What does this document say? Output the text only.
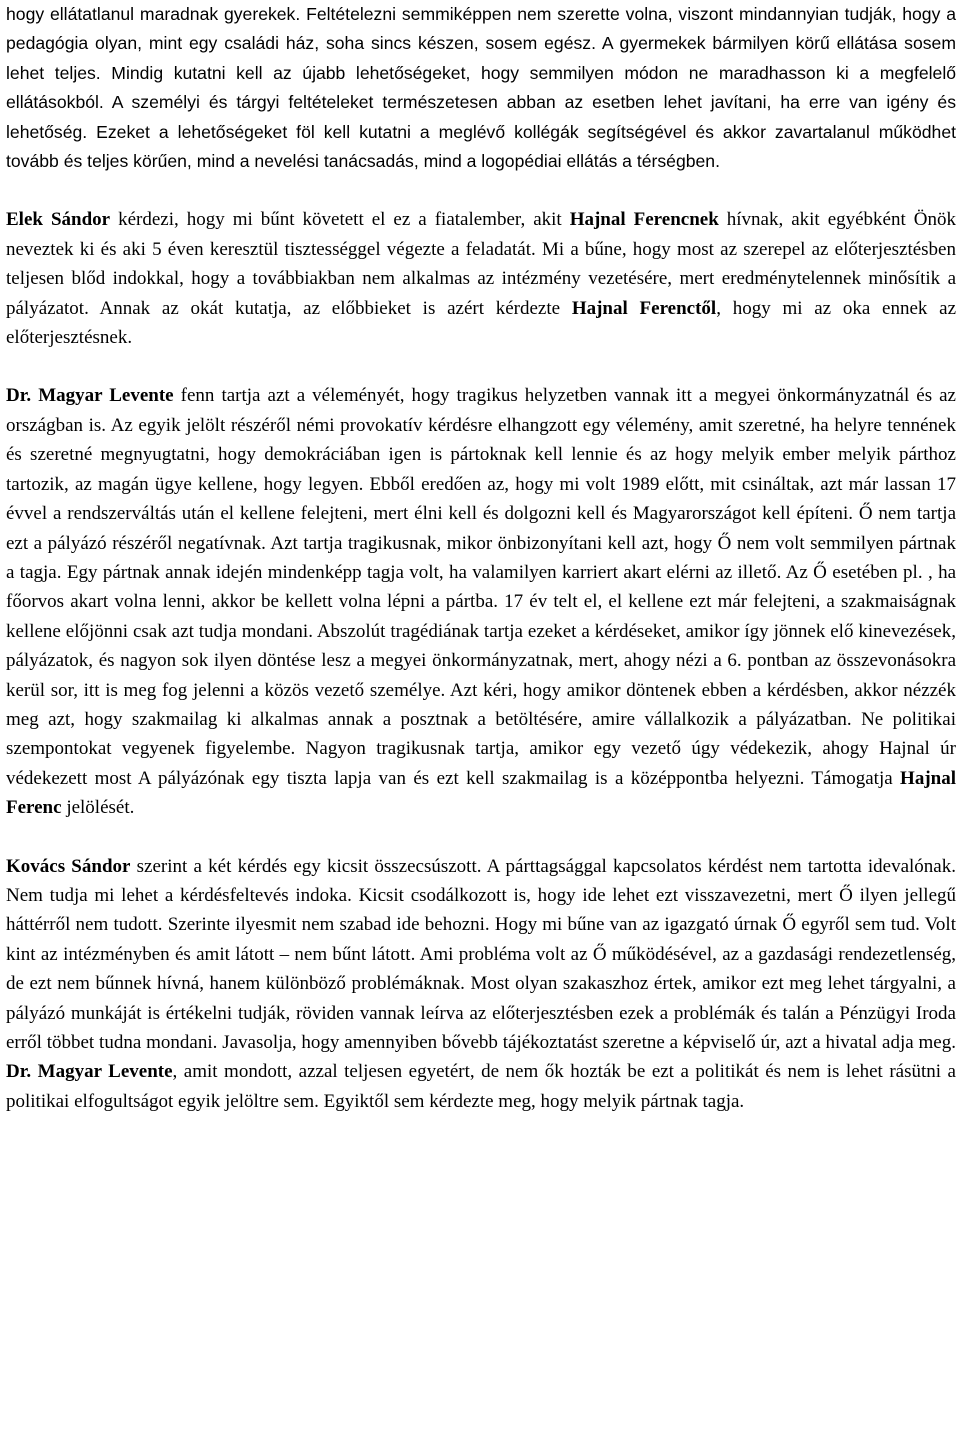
hogy ellátatlanul maradnak gyerekek. Feltételezni semmiképpen nem szerette volna, viszont mindannyian tudják, hogy a pedagógia olyan, mint egy családi ház, soha sincs készen, sosem egész. A gyermekek bármilyen körű ellátása sosem lehet teljes. Mindig kutatni kell az újabb lehetőségeket, hogy semmilyen módon ne maradhasson ki a megfelelő ellátásokból. A személyi és tárgyi feltételeket természetesen abban az esetben lehet javítani, ha erre van igény és lehetőség. Ezeket a lehetőségeket föl kell kutatni a meglévő kollégák segítségével és akkor zavartalanul működhet tovább és teljes körűen, mind a nevelési tanácsadás, mind a logopédiai ellátás a térségben.

Elek Sándor kérdezi, hogy mi bűnt követett el ez a fiatalember, akit Hajnal Ferencnek hívnak, akit egyébként Önök neveztek ki és aki 5 éven keresztül tisztességgel végezte a feladatát. Mi a bűne, hogy most az szerepel az előterjesztésben teljesen blőd indokkal, hogy a továbbiakban nem alkalmas az intézmény vezetésére, mert eredménytelennek minősítik a pályázatot. Annak az okát kutatja, az előbbieket is azért kérdezte Hajnal Ferenctől, hogy mi az oka ennek az előterjesztésnek.

Dr. Magyar Levente fenn tartja azt a véleményét, hogy tragikus helyzetben vannak itt a megyei önkormányzatnál és az országban is. Az egyik jelölt részéről némi provokatív kérdésre elhangzott egy vélemény, amit szeretné, ha helyre tennének és szeretné megnyugtatni, hogy demokráciában igen is pártoknak kell lennie és az hogy melyik ember melyik párthoz tartozik, az magán ügye kellene, hogy legyen. Ebből eredően az, hogy mi volt 1989 előtt, mit csináltak, azt már lassan 17 évvel a rendszerváltás után el kellene felejteni, mert élni kell és dolgozni kell és Magyarországot kell építeni. Ő nem tartja ezt a pályázó részéről negatívnak. Azt tartja tragikusnak, mikor önbizonyítani kell azt, hogy Ő nem volt semmilyen pártnak a tagja. Egy pártnak annak idején mindenképp tagja volt, ha valamilyen karriert akart elérni az illető. Az Ő esetében pl. , ha főorvos akart volna lenni, akkor be kellett volna lépni a pártba. 17 év telt el, el kellene ezt már felejteni, a szakmaiságnak kellene előjönni csak azt tudja mondani. Abszolút tragédiának tartja ezeket a kérdéseket, amikor így jönnek elő kinevezések, pályázatok, és nagyon sok ilyen döntése lesz a megyei önkormányzatnak, mert, ahogy nézi a 6. pontban az összevonásokra kerül sor, itt is meg fog jelenni a közös vezető személye. Azt kéri, hogy amikor döntenek ebben a kérdésben, akkor nézzék meg azt, hogy szakmailag ki alkalmas annak a posztnak a betöltésére, amire vállalkozik a pályázatban. Ne politikai szempontokat vegyenek figyelembe. Nagyon tragikusnak tartja, amikor egy vezető úgy védekezik, ahogy Hajnal úr védekezett most A pályázónak egy tiszta lapja van és ezt kell szakmailag is a középpontba helyezni. Támogatja Hajnal Ferenc jelölését.

Kovács Sándor szerint a két kérdés egy kicsit összecsúszott. A párttagsággal kapcsolatos kérdést nem tartotta idevalónak. Nem tudja mi lehet a kérdésfeltevés indoka. Kicsit csodálkozott is, hogy ide lehet ezt visszavezetni, mert Ő ilyen jellegű háttérről nem tudott. Szerinte ilyesmit nem szabad ide behozni. Hogy mi bűne van az igazgató úrnak Ő egyről sem tud. Volt kint az intézményben és amit látott – nem bűnt látott. Ami probléma volt az Ő működésével, az a gazdasági rendezetlenség, de ezt nem bűnnek hívná, hanem különböző problémáknak. Most olyan szakaszhoz értek, amikor ezt meg lehet tárgyalni, a pályázó munkáját is értékelni tudják, röviden vannak leírva az előterjesztésben ezek a problémák és talán a Pénzügyi Iroda erről többet tudna mondani. Javasolja, hogy amennyiben bővebb tájékoztatást szeretne a képviselő úr, azt a hivatal adja meg. Dr. Magyar Levente, amit mondott, azzal teljesen egyetért, de nem ők hozták be ezt a politikát és nem is lehet rásütni a politikai elfogultságot egyik jelöltre sem. Egyiktől sem kérdezte meg, hogy melyik pártnak tagja.
